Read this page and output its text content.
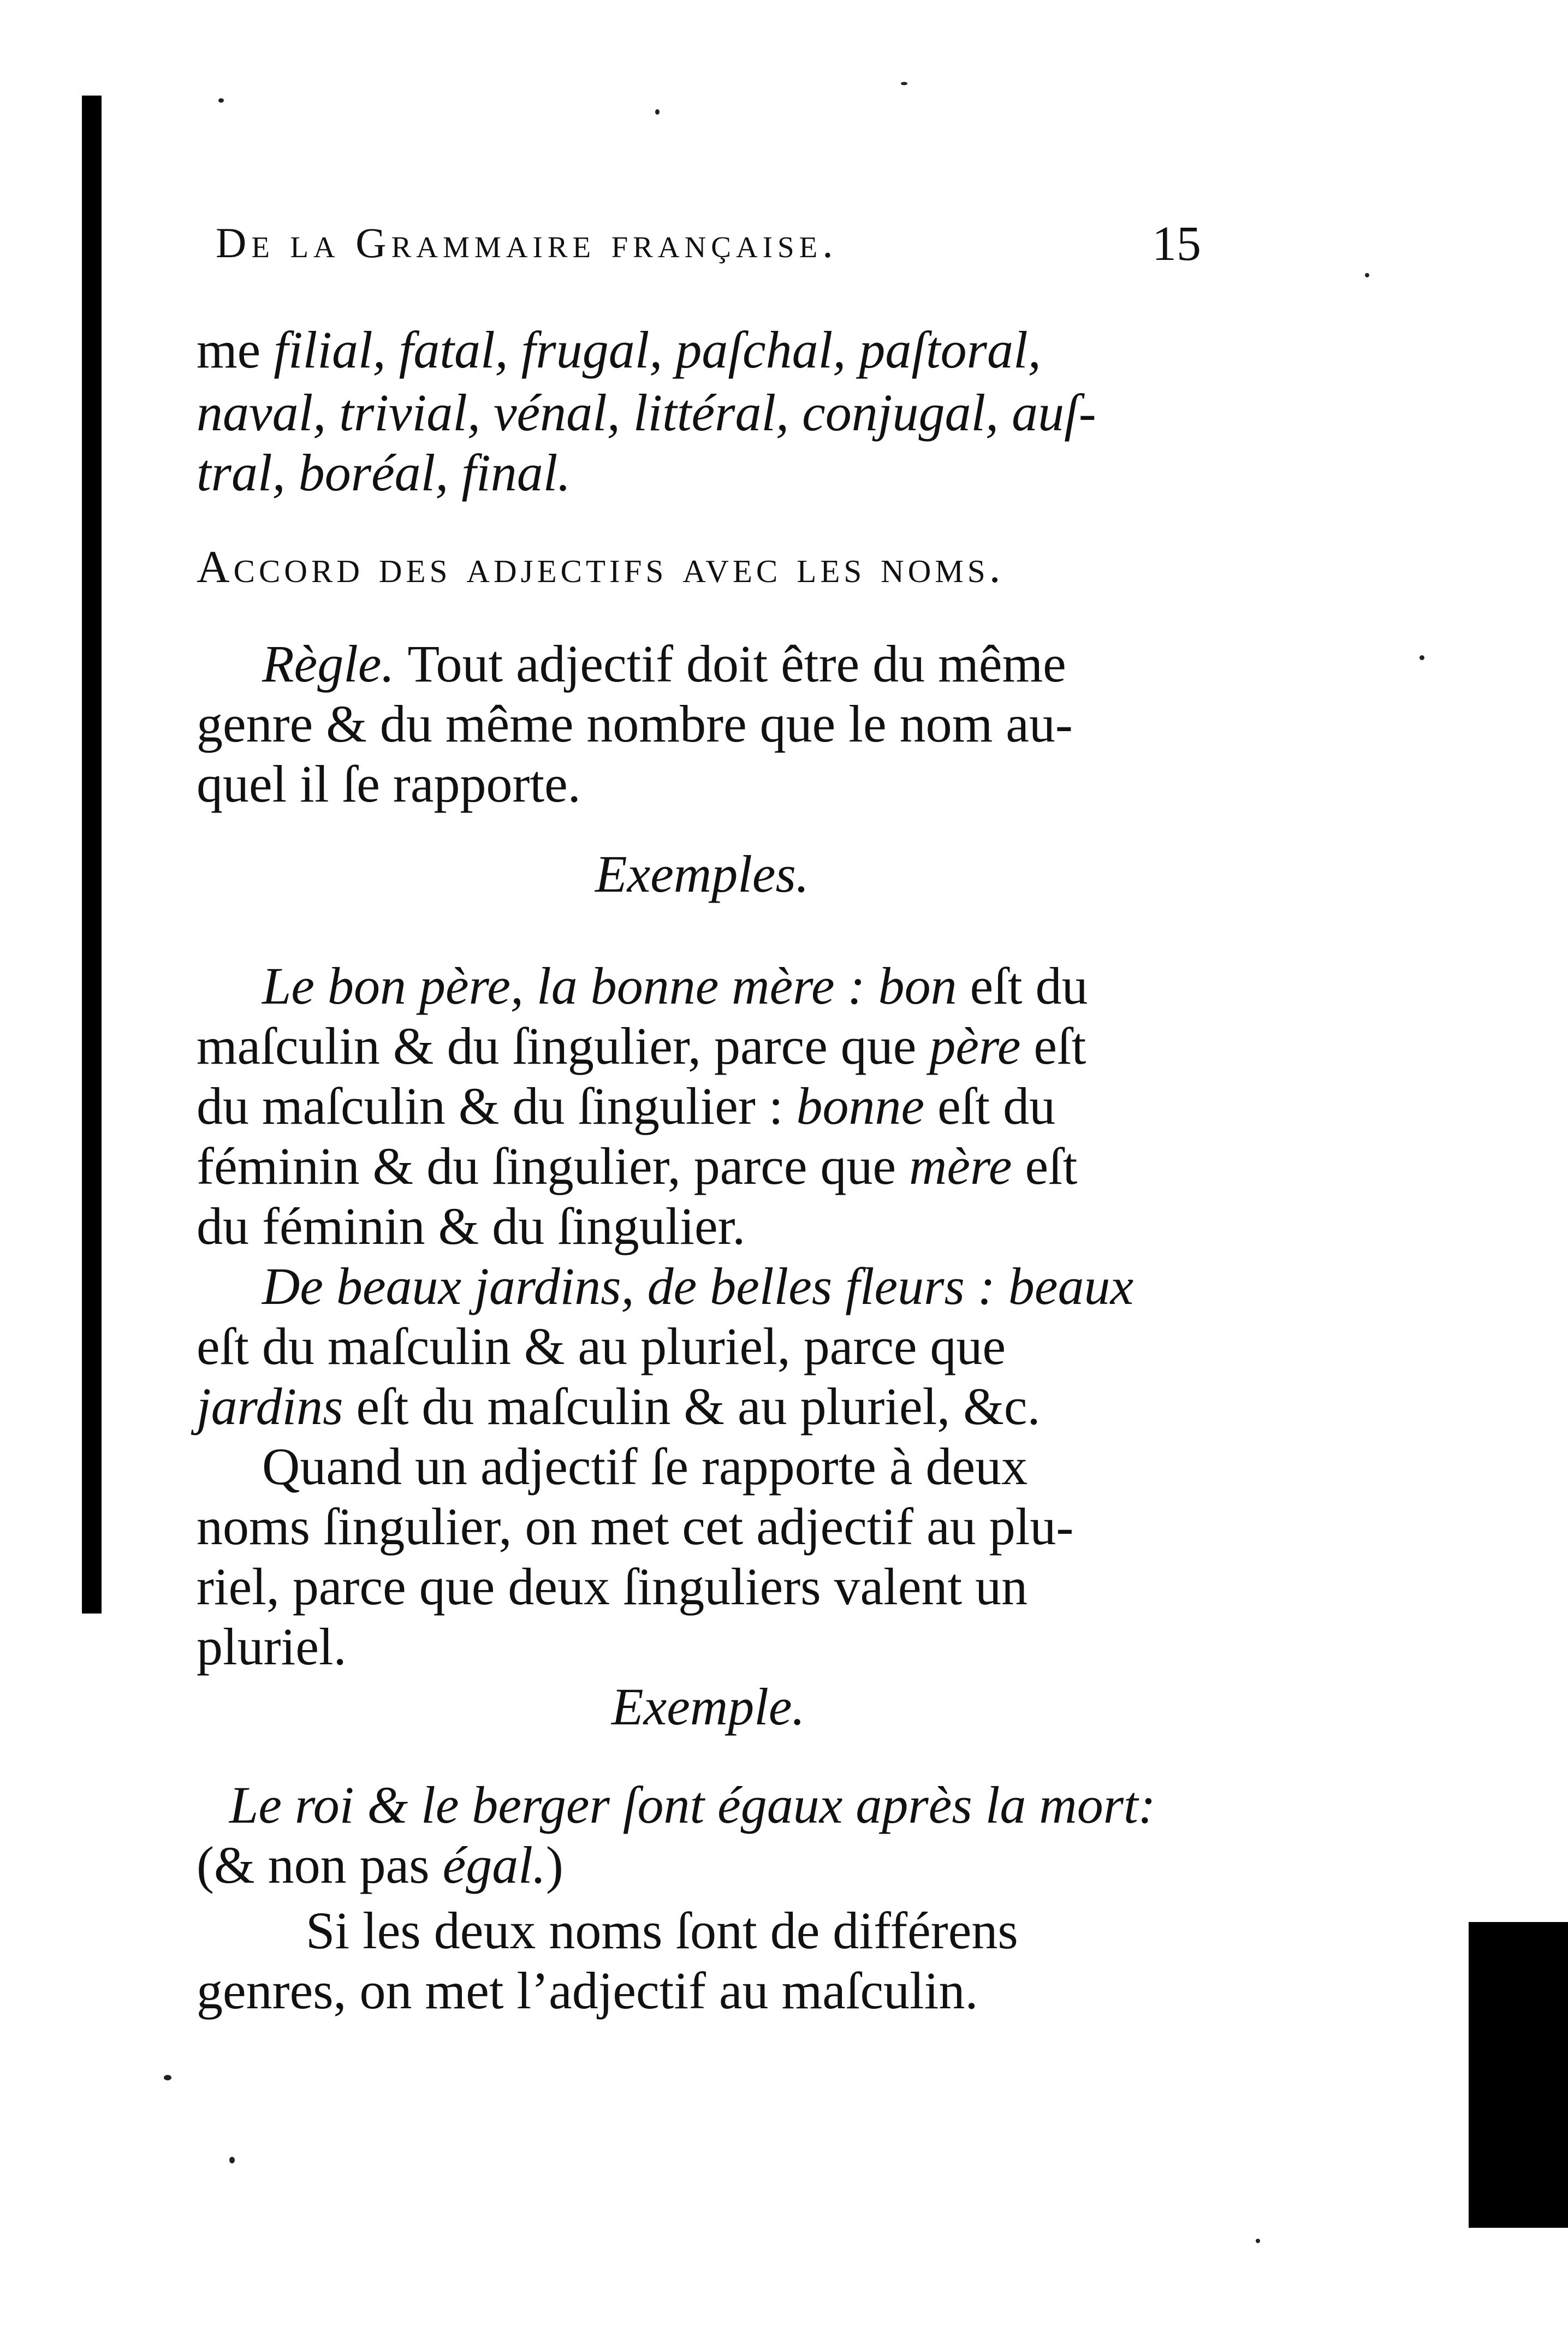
De la Grammaire française.	15
me filial, fatal, frugal, paſchal, paſtoral,
naval, trivial, vénal, littéral, conjugal, auſ-
tral, boréal, final.
Accord des adjectifs avec les noms.
Règle. Tout adjectif doit être du même
genre & du même nombre que le nom au-
quel il ſe rapporte.
Exemples.
Le bon père, la bonne mère : bon eſt du
maſculin & du ſingulier, parce que père eſt
du maſculin & du ſingulier : bonne eſt du
féminin & du ſingulier, parce que mère eſt
du féminin & du ſingulier.
De beaux jardins, de belles fleurs : beaux
eſt du maſculin & au pluriel, parce que
jardins eſt du maſculin & au pluriel, &c.
Quand un adjectif ſe rapporte à deux
noms ſingulier, on met cet adjectif au plu-
riel, parce que deux ſinguliers valent un
pluriel.
Exemple.
Le roi & le berger ſont égaux après la mort:
(& non pas égal.)
Si les deux noms ſont de différens
genres, on met l’adjectif au maſculin.
